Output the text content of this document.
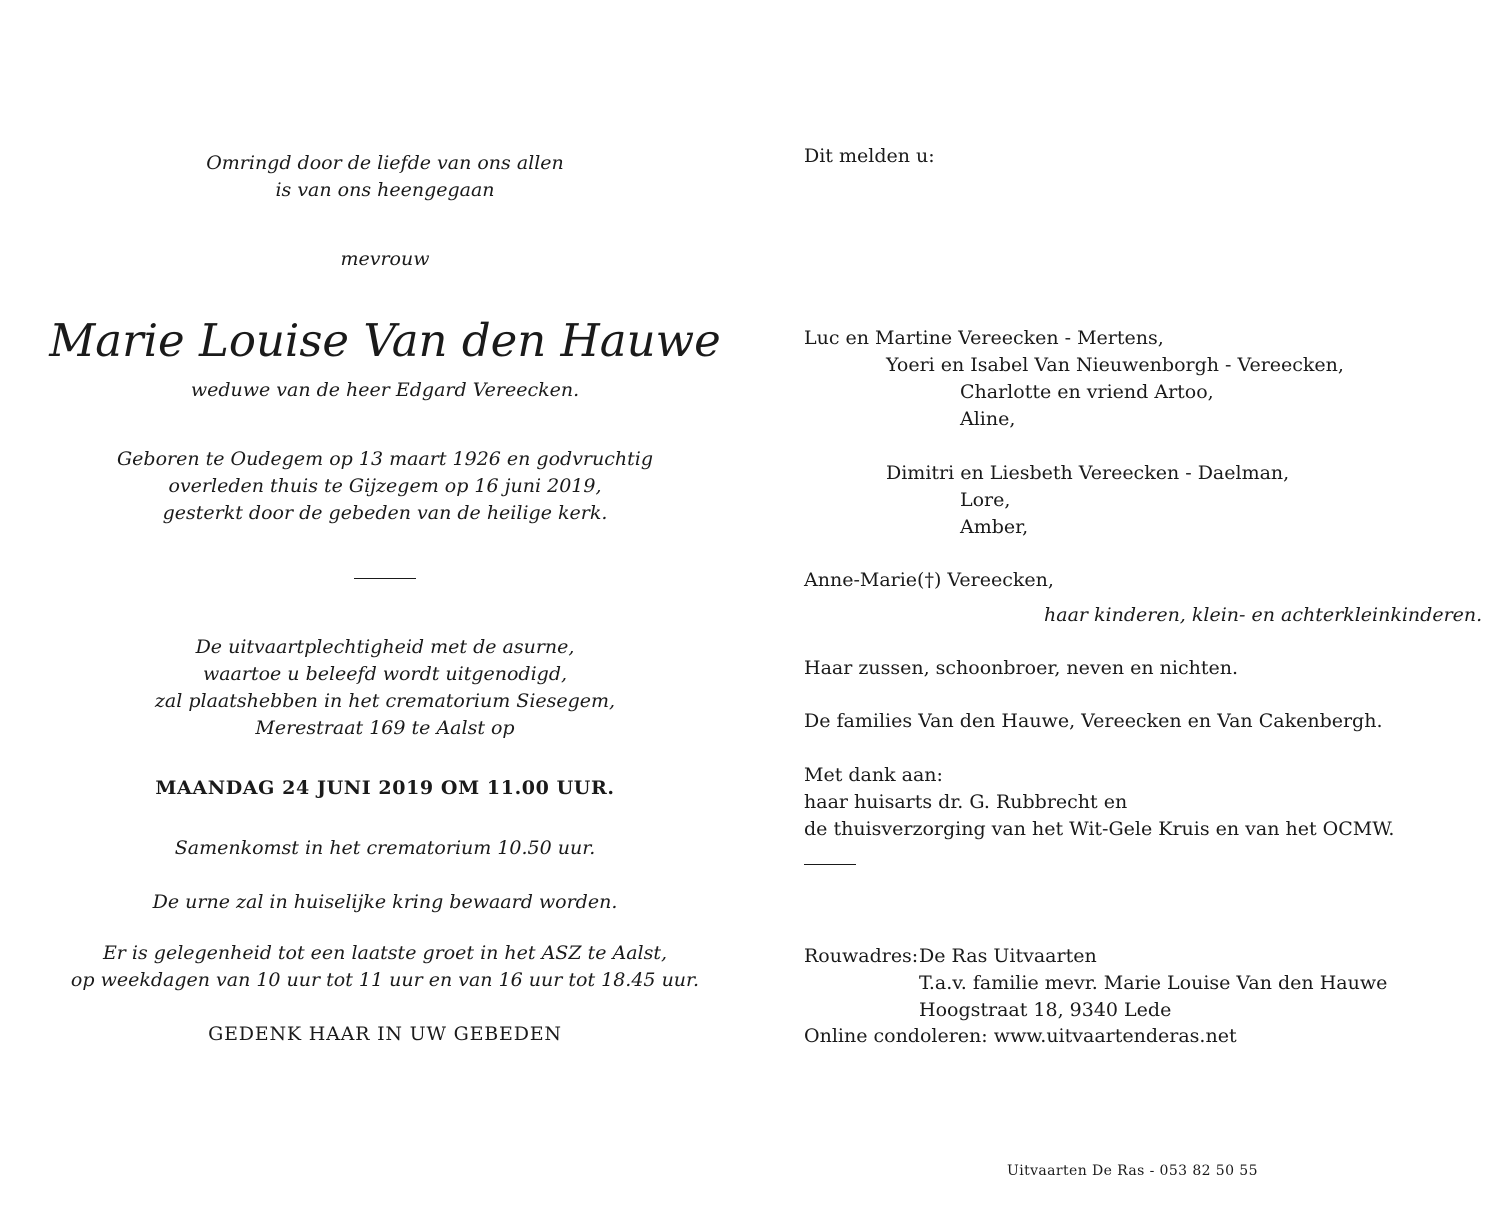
Omringd door de liefde van ons allen
is van ons heengegaan
mevrouw
Marie Louise Van den Hauwe
weduwe van de heer Edgard Vereecken.
Geboren te Oudegem op 13 maart 1926 en godvruchtig
overleden thuis te Gijzegem op 16 juni 2019,
gesterkt door de gebeden van de heilige kerk.
De uitvaartplechtigheid met de asurne,
waartoe u beleefd wordt uitgenodigd,
zal plaatshebben in het crematorium Siesegem,
Merestraat 169 te Aalst op
MAANDAG 24 JUNI 2019 OM 11.00 UUR.
Samenkomst in het crematorium 10.50 uur.
De urne zal in huiselijke kring bewaard worden.
Er is gelegenheid tot een laatste groet in het ASZ te Aalst,
op weekdagen van 10 uur tot 11 uur en van 16 uur tot 18.45 uur.
GEDENK HAAR IN UW GEBEDEN
Dit melden u:
Luc en Martine Vereecken - Mertens,
Yoeri en Isabel Van Nieuwenborgh - Vereecken,
Charlotte en vriend Artoo,
Aline,
Dimitri en Liesbeth Vereecken - Daelman,
Lore,
Amber,
Anne-Marie(†) Vereecken,
haar kinderen, klein- en achterkleinkinderen.
Haar zussen, schoonbroer, neven en nichten.
De families Van den Hauwe, Vereecken en Van Cakenbergh.
Met dank aan:
haar huisarts dr. G. Rubbrecht en
de thuisverzorging van het Wit-Gele Kruis en van het OCMW.
Rouwadres: De Ras Uitvaarten
T.a.v. familie mevr. Marie Louise Van den Hauwe
Hoogstraat 18, 9340 Lede
Online condoleren: www.uitvaartenderas.net
Uitvaarten De Ras - 053 82 50 55
